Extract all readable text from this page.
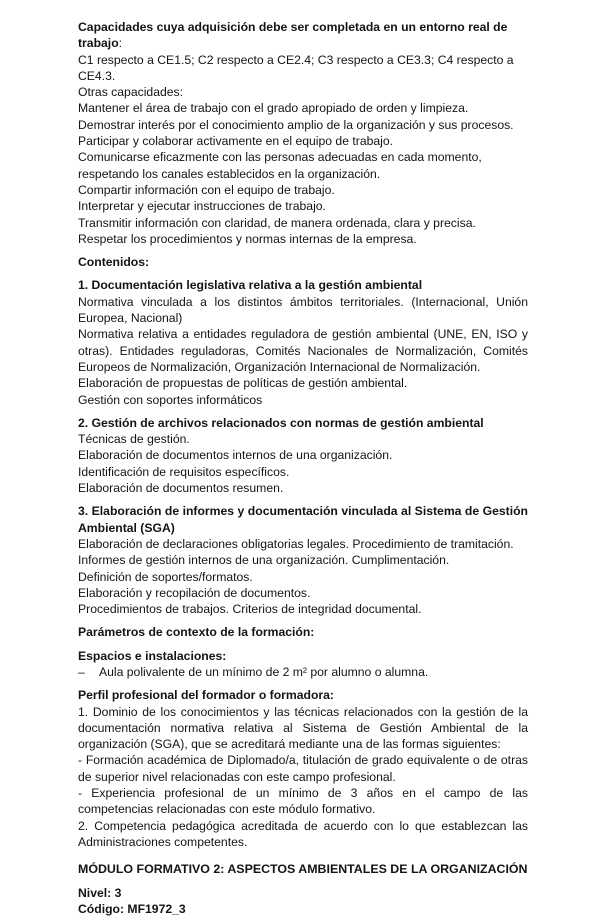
Capacidades cuya adquisición debe ser completada en un entorno real de trabajo:

C1 respecto a CE1.5; C2 respecto a CE2.4; C3 respecto a CE3.3; C4 respecto a CE4.3.

Otras capacidades:

Mantener el área de trabajo con el grado apropiado de orden y limpieza.

Demostrar interés por el conocimiento amplio de la organización y sus procesos.

Participar y colaborar activamente en el equipo de trabajo.

Comunicarse eficazmente con las personas adecuadas en cada momento, respetando los canales establecidos en la organización.

Compartir información con el equipo de trabajo.

Interpretar y ejecutar instrucciones de trabajo.

Transmitir información con claridad, de manera ordenada, clara y precisa.

Respetar los procedimientos y normas internas de la empresa.

Contenidos:

1. Documentación legislativa relativa a la gestión ambiental

Normativa vinculada a los distintos ámbitos territoriales. (Internacional, Unión Europea, Nacional)

Normativa relativa a entidades reguladora de gestión ambiental (UNE, EN, ISO y otras). Entidades reguladoras, Comités Nacionales de Normalización, Comités Europeos de Normalización, Organización Internacional de Normalización.

Elaboración de propuestas de políticas de gestión ambiental.

Gestión con soportes informáticos

2. Gestión de archivos relacionados con normas de gestión ambiental

Técnicas de gestión.

Elaboración de documentos internos de una organización.

Identificación de requisitos específicos.

Elaboración de documentos resumen.

3. Elaboración de informes y documentación vinculada al Sistema de Gestión Ambiental (SGA)

Elaboración de declaraciones obligatorias legales. Procedimiento de tramitación.

Informes de gestión internos de una organización. Cumplimentación.

Definición de soportes/formatos.

Elaboración y recopilación de documentos.

Procedimientos de trabajos. Criterios de integridad documental.

Parámetros de contexto de la formación:

Espacios e instalaciones:

–	Aula polivalente de un mínimo de 2 m² por alumno o alumna.

Perfil profesional del formador o formadora:

1. Dominio de los conocimientos y las técnicas relacionados con la gestión de la documentación normativa relativa al Sistema de Gestión Ambiental de la organización (SGA), que se acreditará mediante una de las formas siguientes:

- Formación académica de Diplomado/a, titulación de grado equivalente o de otras de superior nivel relacionadas con este campo profesional.

- Experiencia profesional de un mínimo de 3 años en el campo de las competencias relacionadas con este módulo formativo.

2. Competencia pedagógica acreditada de acuerdo con lo que establezcan las Administraciones competentes.

MÓDULO FORMATIVO 2: ASPECTOS AMBIENTALES DE LA ORGANIZACIÓN

Nivel: 3

Código: MF1972_3
